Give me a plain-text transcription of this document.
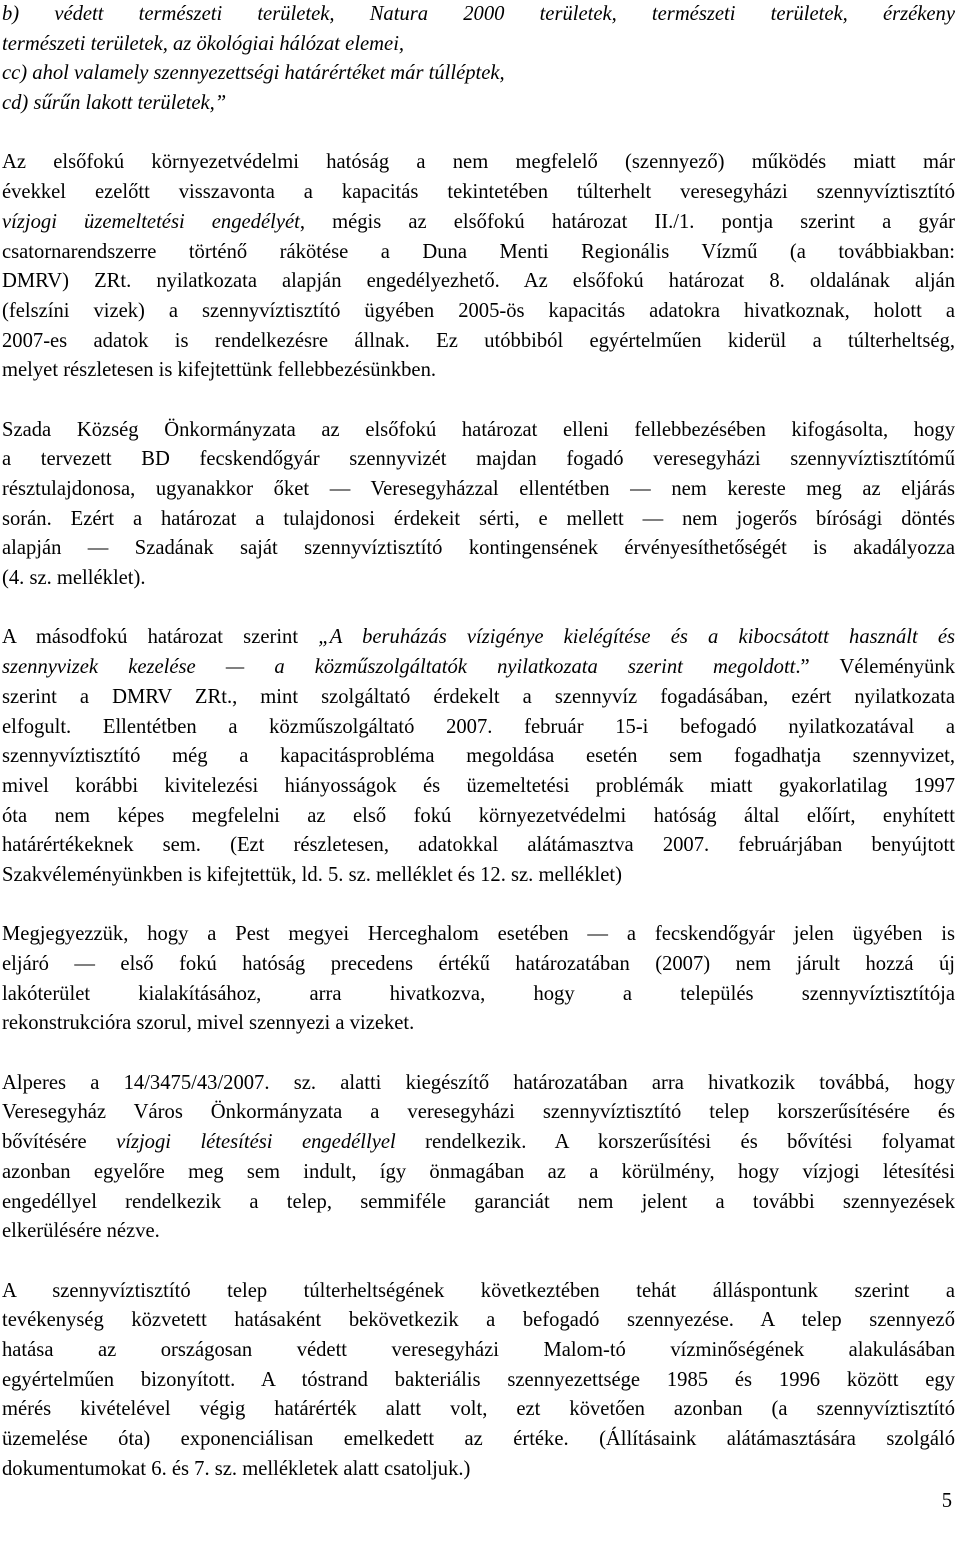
b) védett természeti területek, Natura 2000 területek, természeti területek, érzékeny
természeti területek, az ökológiai hálózat elemei,
cc) ahol valamely szennyezettségi határértéket már túlléptek,
cd) sűrűn lakott területek,”
Az elsőfokú környezetvédelmi hatóság a nem megfelelő (szennyező) működés miatt már
évekkel ezelőtt visszavonta a kapacitás tekintetében túlterhelt veresegyházi szennyvíztisztító
vízjogi üzemeltetési engedélyét, mégis az elsőfokú határozat II./1. pontja szerint a gyár
csatornarendszerre történő rákötése a Duna Menti Regionális Vízmű (a továbbiakban:
DMRV) ZRt. nyilatkozata alapján engedélyezhető. Az elsőfokú határozat 8. oldalának alján
(felszíni vizek) a szennyvíztisztító ügyében 2005-ös kapacitás adatokra hivatkoznak, holott a
2007-es adatok is rendelkezésre állnak. Ez utóbbiból egyértelműen kiderül a túlterheltség,
melyet részletesen is kifejtettünk fellebbezésünkben.
Szada Község Önkormányzata az elsőfokú határozat elleni fellebbezésében kifogásolta, hogy
a tervezett BD fecskendőgyár szennyvizét majdan fogadó veresegyházi szennyvíztisztítómű
résztulajdonosa, ugyanakkor őket — Veresegyházzal ellentétben — nem kereste meg az eljárás
során. Ezért a határozat a tulajdonosi érdekeit sérti, e mellett — nem jogerős bírósági döntés
alapján — Szadának saját szennyvíztisztító kontingensének érvényesíthetőségét is akadályozza
(4. sz. melléklet).
A másodfokú határozat szerint „A beruházás vízigénye kielégítése és a kibocsátott használt és
szennyvizek kezelése — a közműszolgáltatók nyilatkozata szerint megoldott.” Véleményünk
szerint a DMRV ZRt., mint szolgáltató érdekelt a szennyvíz fogadásában, ezért nyilatkozata
elfogult. Ellentétben a közműszolgáltató 2007. február 15-i befogadó nyilatkozatával a
szennyvíztisztító még a kapacitásprobléma megoldása esetén sem fogadhatja szennyvizet,
mivel korábbi kivitelezési hiányosságok és üzemeltetési problémák miatt gyakorlatilag 1997
óta nem képes megfelelni az első fokú környezetvédelmi hatóság által előírt, enyhített
határértékeknek sem. (Ezt részletesen, adatokkal alátámasztva 2007. februárjában benyújtott
Szakvéleményünkben is kifejtettük, ld. 5. sz. melléklet és 12. sz. melléklet)
Megjegyezzük, hogy a Pest megyei Herceghalom esetében — a fecskendőgyár jelen ügyében is
eljáró — első fokú hatóság precedens értékű határozatában (2007) nem járult hozzá új
lakóterület kialakításához, arra hivatkozva, hogy a település szennyvíztisztítója
rekonstrukcióra szorul, mivel szennyezi a vizeket.
Alperes a 14/3475/43/2007. sz. alatti kiegészítő határozatában arra hivatkozik továbbá, hogy
Veresegyház Város Önkormányzata a veresegyházi szennyvíztisztító telep korszerűsítésére és
bővítésére vízjogi létesítési engedéllyel rendelkezik. A korszerűsítési és bővítési folyamat
azonban egyelőre meg sem indult, így önmagában az a körülmény, hogy vízjogi létesítési
engedéllyel rendelkezik a telep, semmiféle garanciát nem jelent a további szennyezések
elkerülésére nézve.
A szennyvíztisztító telep túlterheltségének következtében tehát álláspontunk szerint a
tevékenység közvetett hatásaként bekövetkezik a befogadó szennyezése. A telep szennyező
hatása az országosan védett veresegyházi Malom-tó vízminőségének alakulásában
egyértelműen bizonyított. A tóstrand bakteriális szennyezettsége 1985 és 1996 között egy
mérés kivételével végig határérték alatt volt, ezt követően azonban (a szennyvíztisztító
üzemelése óta) exponenciálisan emelkedett az értéke. (Állításaink alátámasztására szolgáló
dokumentumokat 6. és 7. sz. mellékletek alatt csatoljuk.)
5
